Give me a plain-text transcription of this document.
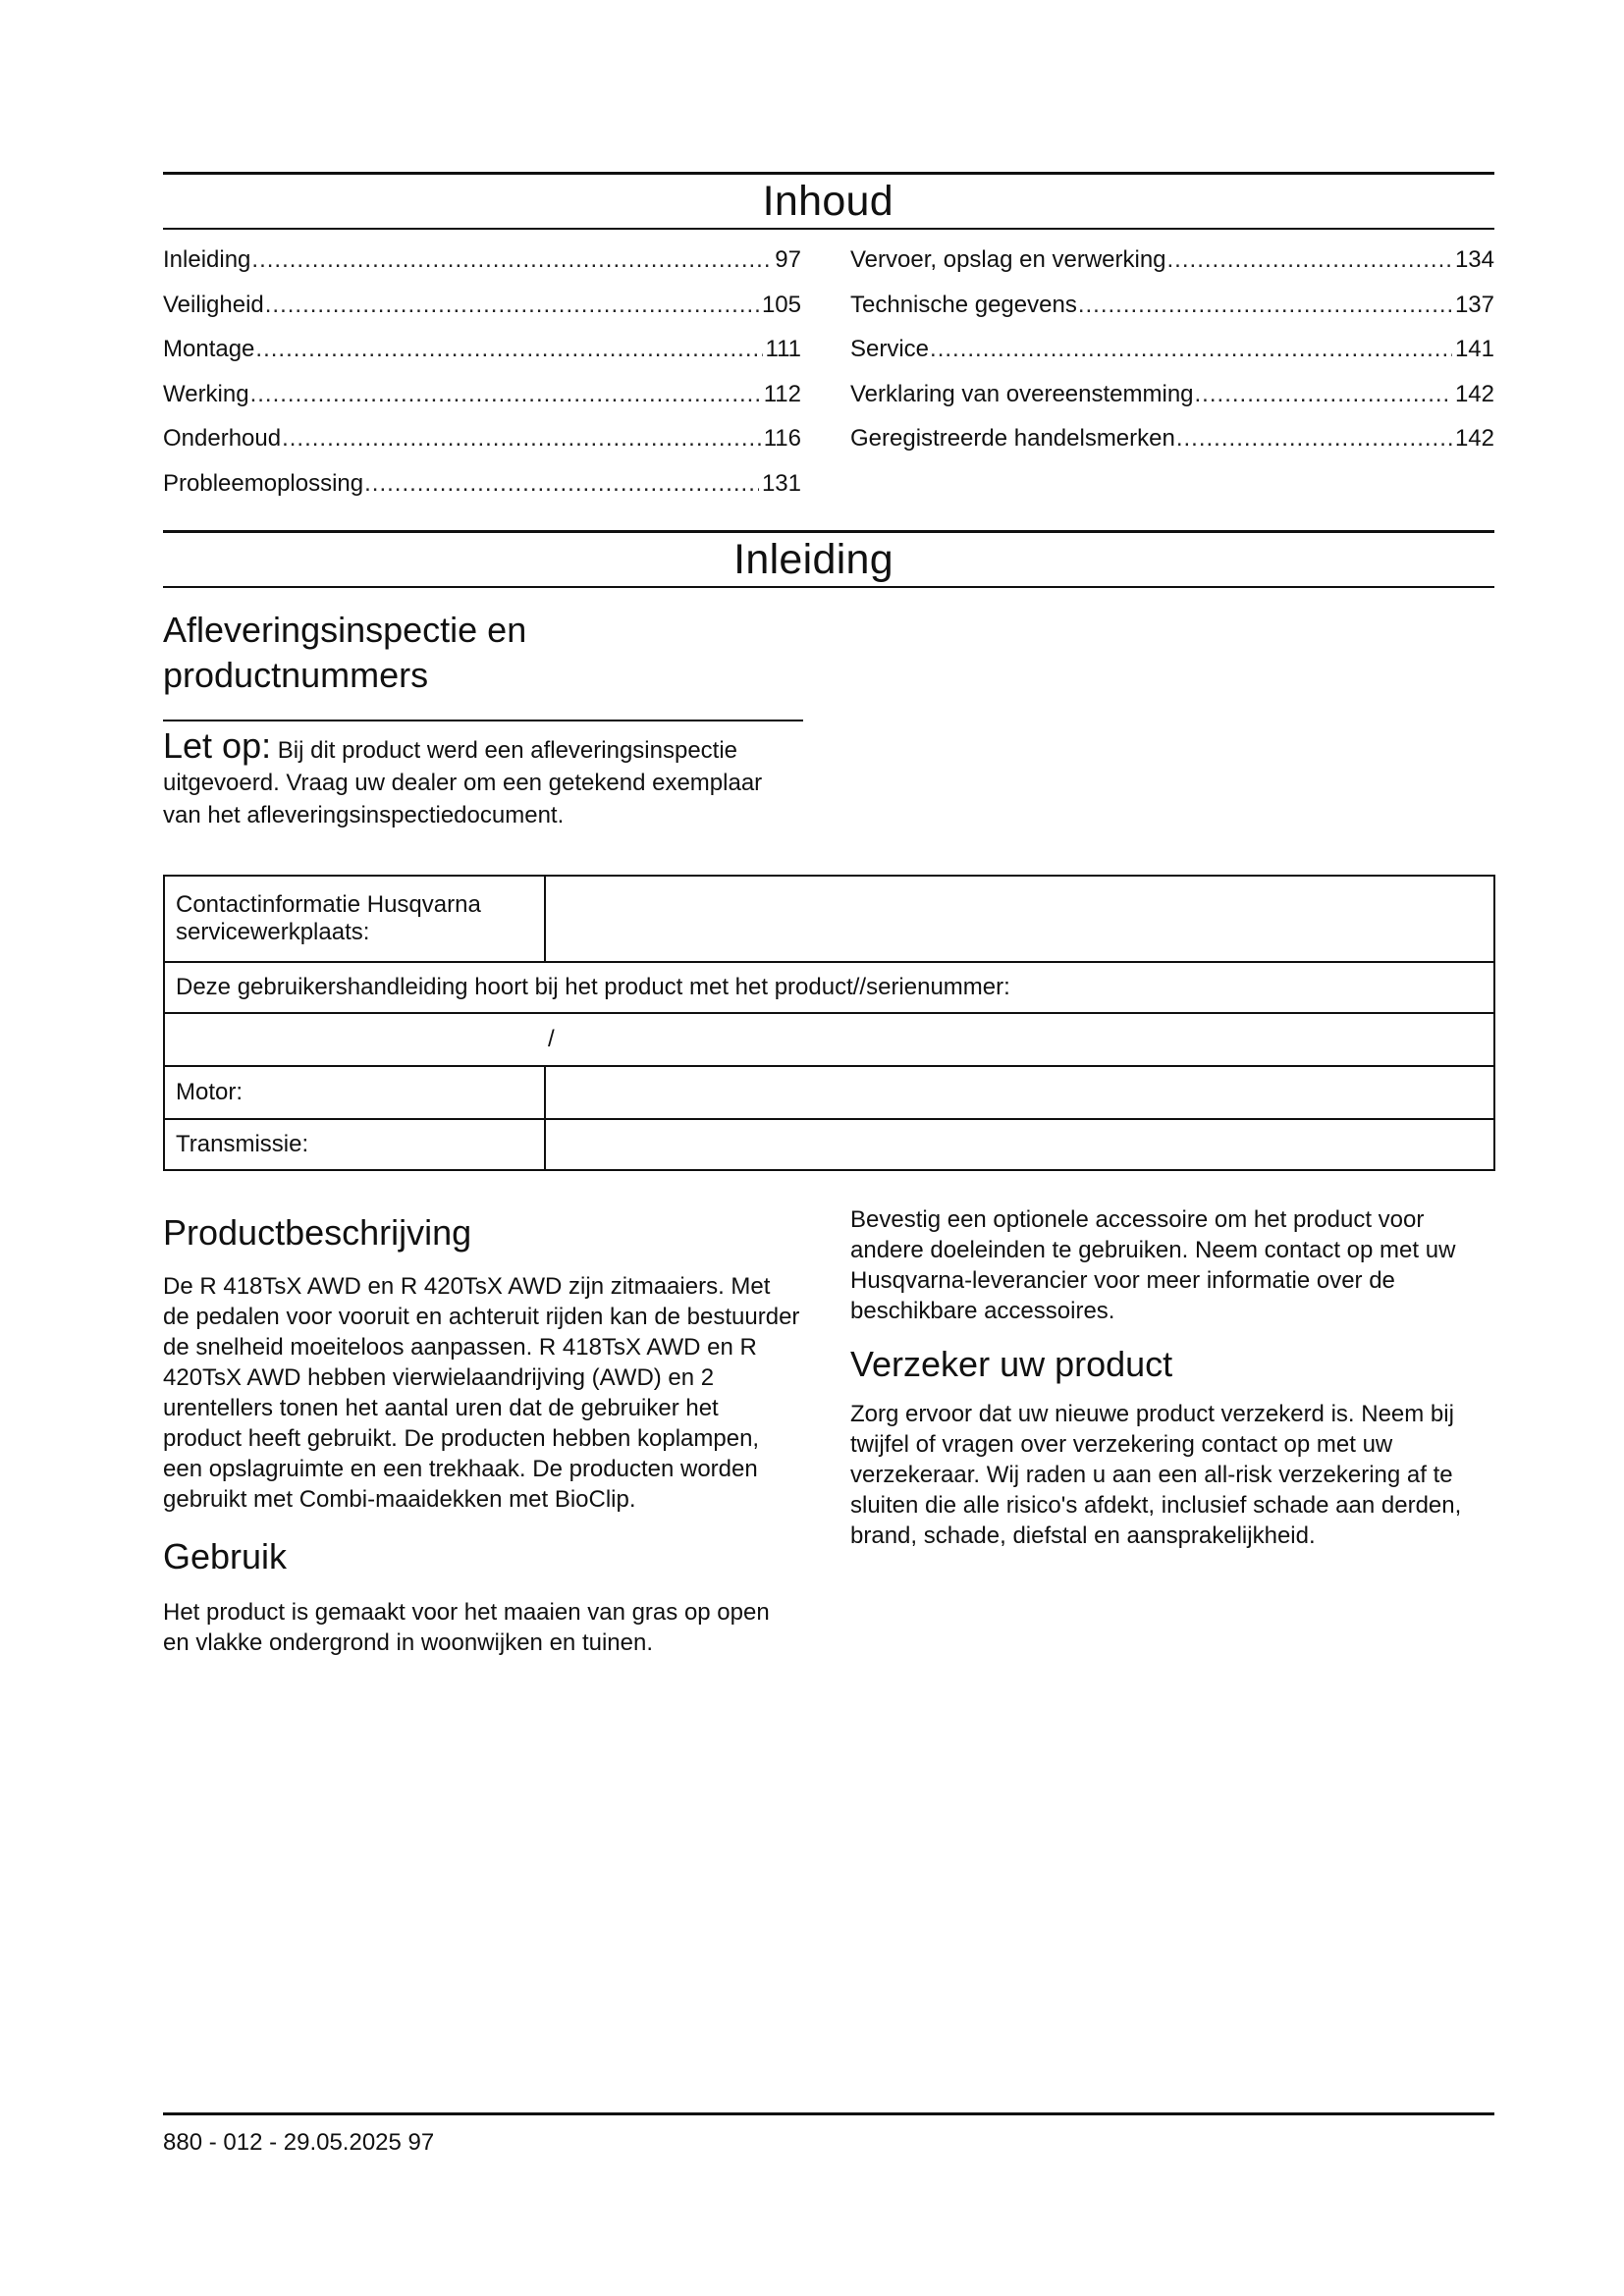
Inhoud
Inleiding .....	97
Veiligheid .....	105
Montage .....	111
Werking .....	112
Onderhoud .....	116
Probleemoplossing .....	131
Vervoer, opslag en verwerking .....	134
Technische gegevens .....	137
Service .....	141
Verklaring van overeenstemming .....	142
Geregistreerde handelsmerken .....	142
Inleiding
Afleveringsinspectie en
productnummers

Let op: Bij dit product werd een afleveringsinspectie uitgevoerd. Vraag uw dealer om een getekend exemplaar van het afleveringsinspectiedocument.

Contactinformatie Husqvarna servicewerkplaats:	
Deze gebruikershandleiding hoort bij het product met het product//serienummer:	
/	
Motor:	
Transmissie:	
Productbeschrijving

De R 418TsX AWD en R 420TsX AWD zijn zitmaaiers. Met de pedalen voor vooruit en achteruit rijden kan de bestuurder de snelheid moeiteloos aanpassen. R 418TsX AWD en R 420TsX AWD hebben vierwielaandrijving (AWD) en 2 urentellers tonen het aantal uren dat de gebruiker het product heeft gebruikt. De producten hebben koplampen, een opslagruimte en een trekhaak. De producten worden gebruikt met Combi-maaidekken met BioClip.

Gebruik

Het product is gemaakt voor het maaien van gras op open en vlakke ondergrond in woonwijken en tuinen.

Bevestig een optionele accessoire om het product voor andere doeleinden te gebruiken. Neem contact op met uw Husqvarna-leverancier voor meer informatie over de beschikbare accessoires.

Verzeker uw product

Zorg ervoor dat uw nieuwe product verzekerd is. Neem bij twijfel of vragen over verzekering contact op met uw verzekeraar. Wij raden u aan een all-risk verzekering af te sluiten die alle risico's afdekt, inclusief schade aan derden, brand, schade, diefstal en aansprakelijkheid.

880 - 012 - 29.05.2025 97
